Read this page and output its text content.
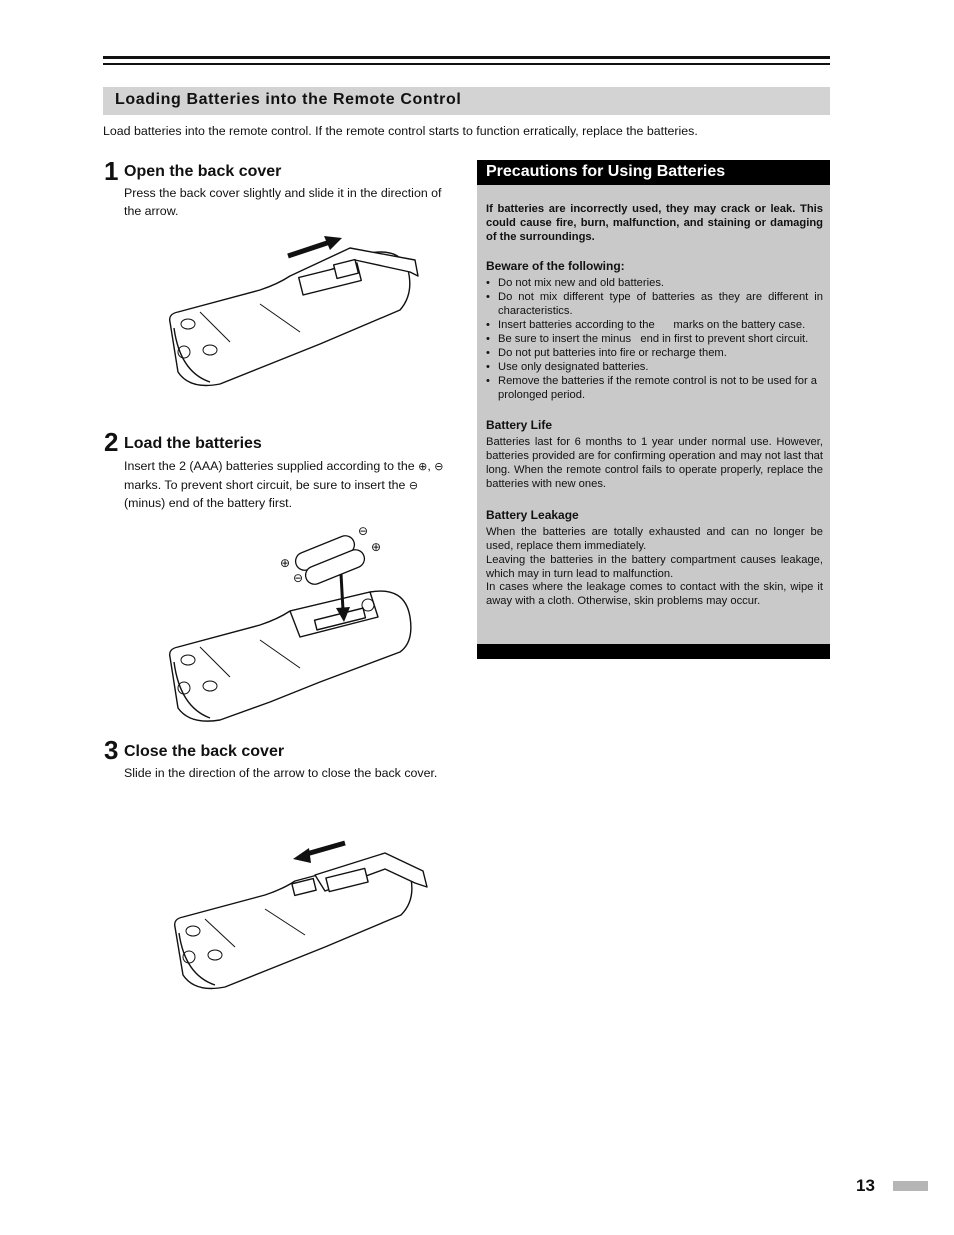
Loading Batteries into the Remote Control
Load batteries into the remote control. If the remote control starts to function erratically, replace the batteries.
1 Open the back cover
Press the back cover slightly and slide it in the direction of the arrow.
2 Load the batteries
Insert the 2 (AAA) batteries supplied according to the ⊕, ⊖ marks. To prevent short circuit, be sure to insert the ⊖ (minus) end of the battery first.
⊕
⊖
⊖
⊕
3 Close the back cover
Slide in the direction of the arrow to close the back cover.
Precautions for Using Batteries
If batteries are incorrectly used, they may crack or leak. This could cause fire, burn, malfunction, and staining or damaging of the surroundings.
Beware of the following:
• Do not mix new and old batteries.
• Do not mix different type of batteries as they are different in characteristics.
• Insert batteries according to the      marks on the battery case.
• Be sure to insert the minus   end in first to prevent short circuit.
• Do not put batteries into fire or recharge them.
• Use only designated batteries.
• Remove the batteries if the remote control is not to be used for a prolonged period.
Battery Life
Batteries last for 6 months to 1 year under normal use. However, batteries provided are for confirming operation and may not last that long. When the remote control fails to operate properly, replace the batteries with new ones.
Battery Leakage
When the batteries are totally exhausted and can no longer be used, replace them immediately.
Leaving the batteries in the battery compartment causes leakage, which may in turn lead to malfunction.
In cases where the leakage comes to contact with the skin, wipe it away with a cloth. Otherwise, skin problems may occur.
13
